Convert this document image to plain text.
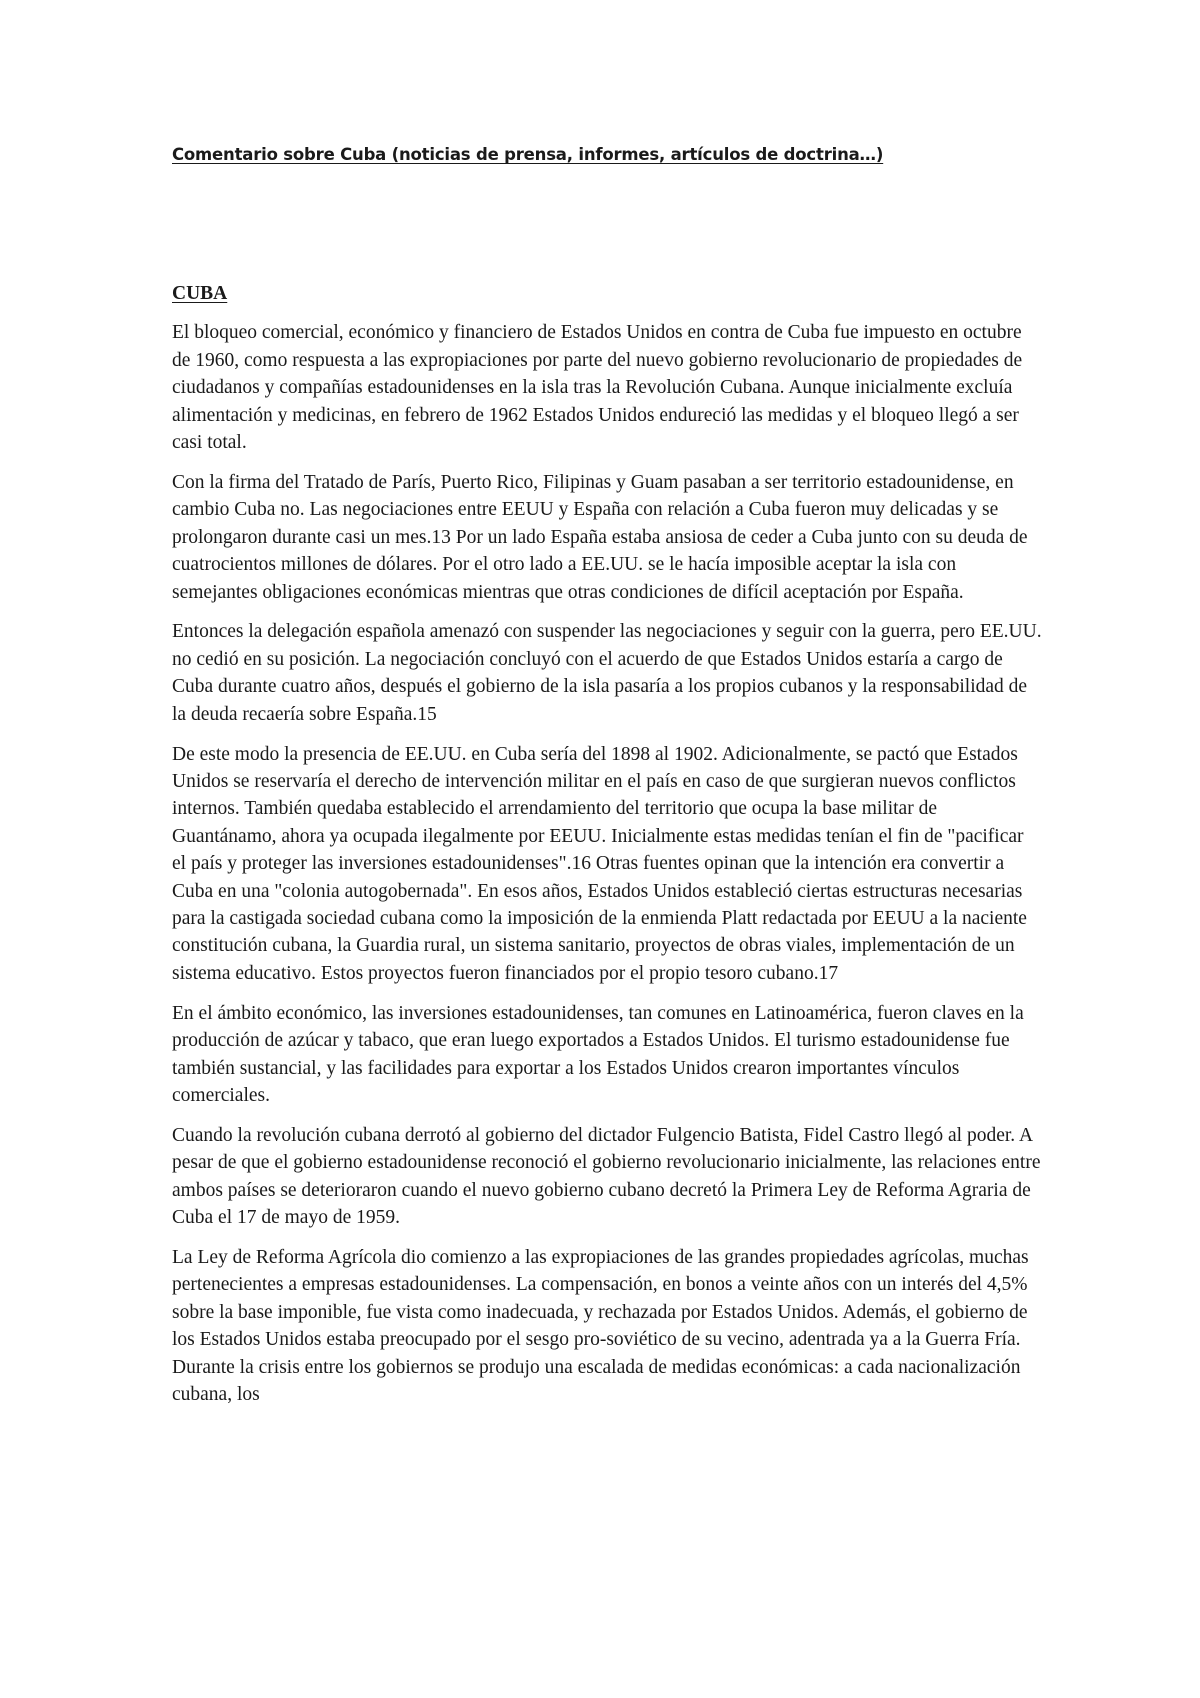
Comentario sobre Cuba (noticias de prensa, informes, artículos de doctrina…)
CUBA

El bloqueo comercial, económico y financiero de Estados Unidos en contra de Cuba fue impuesto en octubre de 1960, como respuesta a las expropiaciones por parte del nuevo gobierno revolucionario de propiedades de ciudadanos y compañías estadounidenses en la isla tras la Revolución Cubana. Aunque inicialmente excluía alimentación y medicinas, en febrero de 1962 Estados Unidos endureció las medidas y el bloqueo llegó a ser casi total.

Con la firma del Tratado de París, Puerto Rico, Filipinas y Guam pasaban a ser territorio estadounidense, en cambio Cuba no. Las negociaciones entre EEUU y España con relación a Cuba fueron muy delicadas y se prolongaron durante casi un mes.13 Por un lado España estaba ansiosa de ceder a Cuba junto con su deuda de cuatrocientos millones de dólares. Por el otro lado a EE.UU. se le hacía imposible aceptar la isla con semejantes obligaciones económicas mientras que otras condiciones de difícil aceptación por España.

Entonces la delegación española amenazó con suspender las negociaciones y seguir con la guerra, pero EE.UU. no cedió en su posición. La negociación concluyó con el acuerdo de que Estados Unidos estaría a cargo de Cuba durante cuatro años, después el gobierno de la isla pasaría a los propios cubanos y la responsabilidad de la deuda recaería sobre España.15

De este modo la presencia de EE.UU. en Cuba sería del 1898 al 1902. Adicionalmente, se pactó que Estados Unidos se reservaría el derecho de intervención militar en el país en caso de que surgieran nuevos conflictos internos. También quedaba establecido el arrendamiento del territorio que ocupa la base militar de Guantánamo, ahora ya ocupada ilegalmente por EEUU. Inicialmente estas medidas tenían el fin de "pacificar el país y proteger las inversiones estadounidenses".16 Otras fuentes opinan que la intención era convertir a Cuba en una "colonia autogobernada". En esos años, Estados Unidos estableció ciertas estructuras necesarias para la castigada sociedad cubana como la imposición de la enmienda Platt redactada por EEUU a la naciente constitución cubana, la Guardia rural, un sistema sanitario, proyectos de obras viales, implementación de un sistema educativo. Estos proyectos fueron financiados por el propio tesoro cubano.17

En el ámbito económico, las inversiones estadounidenses, tan comunes en Latinoamérica, fueron claves en la producción de azúcar y tabaco, que eran luego exportados a Estados Unidos. El turismo estadounidense fue también sustancial, y las facilidades para exportar a los Estados Unidos crearon importantes vínculos comerciales.

Cuando la revolución cubana derrotó al gobierno del dictador Fulgencio Batista, Fidel Castro llegó al poder. A pesar de que el gobierno estadounidense reconoció el gobierno revolucionario inicialmente, las relaciones entre ambos países se deterioraron cuando el nuevo gobierno cubano decretó la Primera Ley de Reforma Agraria de Cuba el 17 de mayo de 1959.

La Ley de Reforma Agrícola dio comienzo a las expropiaciones de las grandes propiedades agrícolas, muchas pertenecientes a empresas estadounidenses. La compensación, en bonos a veinte años con un interés del 4,5% sobre la base imponible, fue vista como inadecuada, y rechazada por Estados Unidos. Además, el gobierno de los Estados Unidos estaba preocupado por el sesgo pro-soviético de su vecino, adentrada ya a la Guerra Fría. Durante la crisis entre los gobiernos se produjo una escalada de medidas económicas: a cada nacionalización cubana, los
